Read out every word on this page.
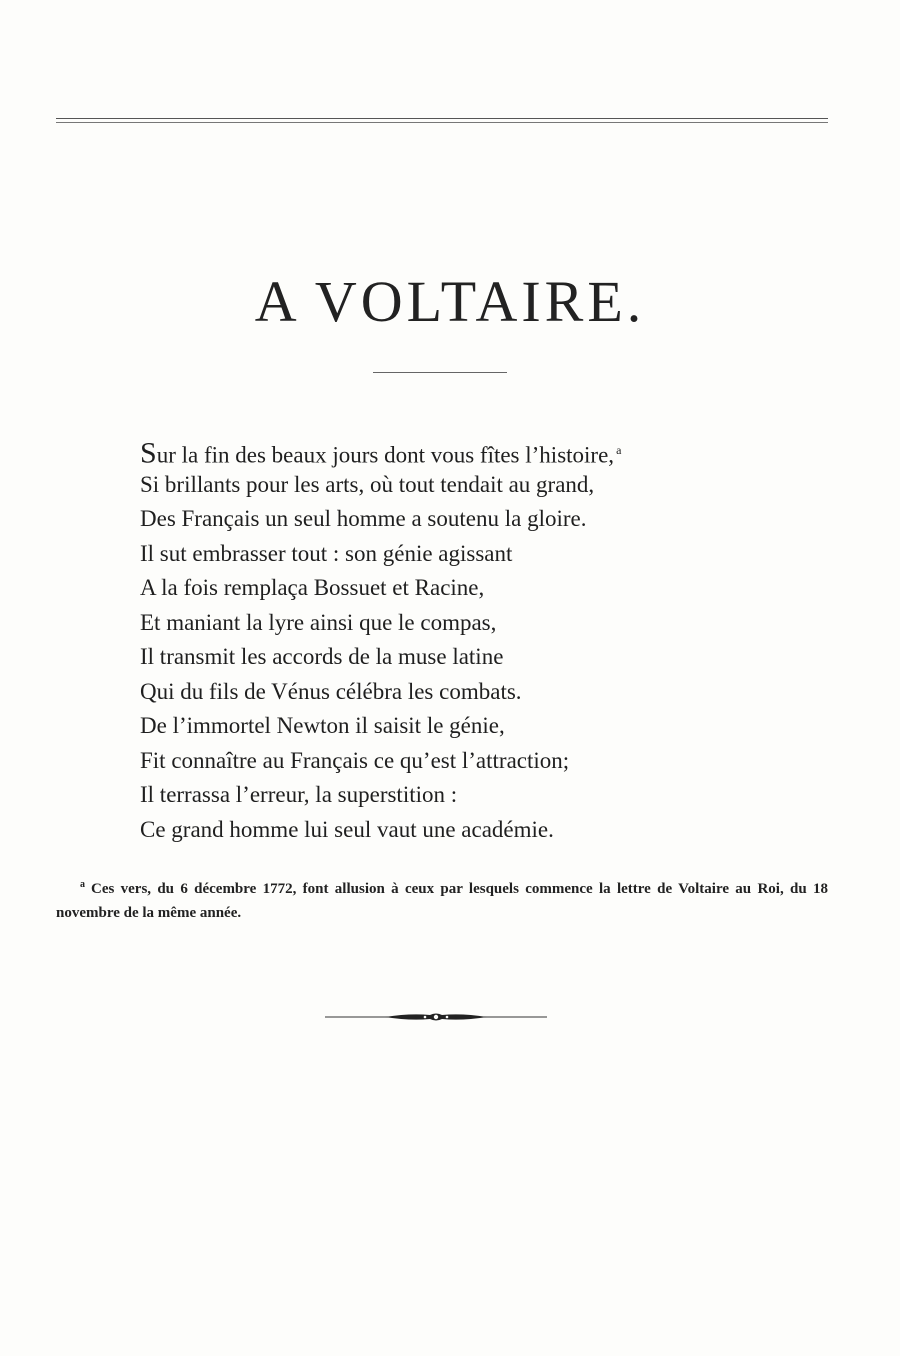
A VOLTAIRE.
Sur la fin des beaux jours dont vous fîtes l’histoire, $^a$
Si brillants pour les arts, où tout tendait au grand,
Des Français un seul homme a soutenu la gloire.
Il sut embrasser tout : son génie agissant
A la fois remplaça Bossuet et Racine,
Et maniant la lyre ainsi que le compas,
Il transmit les accords de la muse latine
Qui du fils de Vénus célébra les combats.
De l’immortel Newton il saisit le génie,
Fit connaître au Français ce qu’est l’attraction;
Il terrassa l’erreur, la superstition :
Ce grand homme lui seul vaut une académie.
$^a$ Ces vers, du 6 décembre 1772, font allusion à ceux par lesquels commence la lettre de Voltaire au Roi, du 18 novembre de la même année.
